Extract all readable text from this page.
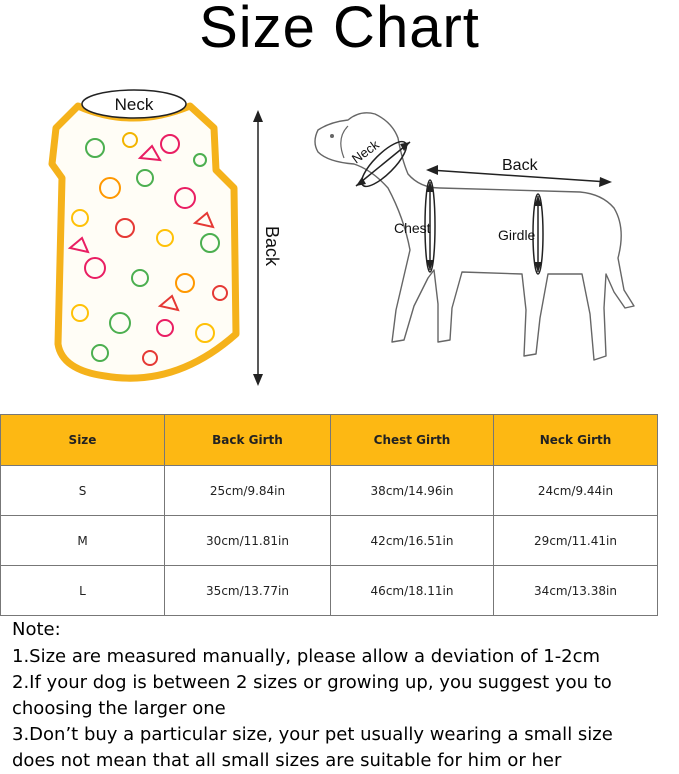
Size Chart
Neck
Back
Neck	Back
Chest	Girdle
Size	Back Girth	Chest Girth	Neck Girth
S	25cm/9.84in	38cm/14.96in	24cm/9.44in
M	30cm/11.81in	42cm/16.51in	29cm/11.41in
L	35cm/13.77in	46cm/18.11in	34cm/13.38in
Note:
1.Size are measured manually, please allow a deviation of 1-2cm
2.If your dog is between 2 sizes or growing up, you suggest you to
choosing the larger one
3.Don’t buy a particular size, your pet usually wearing a small size
does not mean that all small sizes are suitable for him or her
